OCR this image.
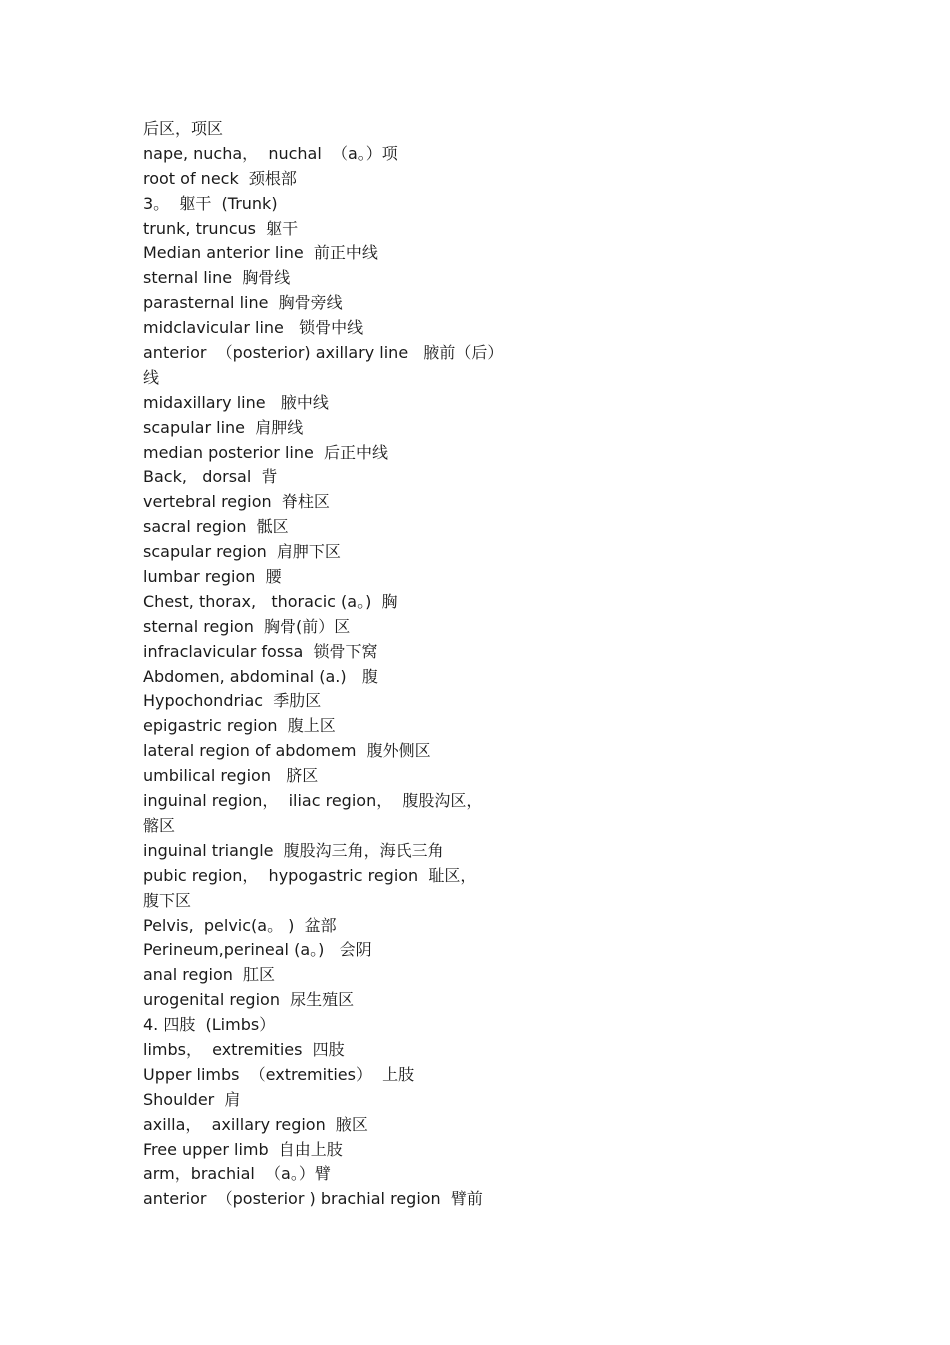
后区，项区
nape, nucha，  nuchal  （a。）项
root of neck  颈根部
3。  躯干  (Trunk)
trunk, truncus  躯干
Median anterior line  前正中线
sternal line  胸骨线
parasternal line  胸骨旁线
midclavicular line   锁骨中线
anterior  （posterior) axillary line   腋前（后）
线
midaxillary line   腋中线
scapular line  肩胛线
median posterior line  后正中线
Back,   dorsal  背
vertebral region  脊柱区
sacral region  骶区
scapular region  肩胛下区
lumbar region  腰
Chest, thorax,   thoracic (a。)  胸
sternal region  胸骨(前）区
infraclavicular fossa  锁骨下窝
Abdomen, abdominal (a.)   腹
Hypochondriac  季肋区
epigastric region  腹上区
lateral region of abdomem  腹外侧区
umbilical region   脐区
inguinal region，  iliac region，  腹股沟区，
髂区
inguinal triangle  腹股沟三角，海氏三角
pubic region，  hypogastric region  耻区，
腹下区
Pelvis,  pelvic(a。 )  盆部
Perineum,perineal (a。)   会阴
anal region  肛区
urogenital region  尿生殖区
4. 四肢  (Limbs）
limbs，  extremities  四肢
Upper limbs  （extremities）  上肢
Shoulder  肩
axilla，  axillary region  腋区
Free upper limb  自由上肢
arm，brachial  （a。）臂
anterior  （posterior ) brachial region  臂前
